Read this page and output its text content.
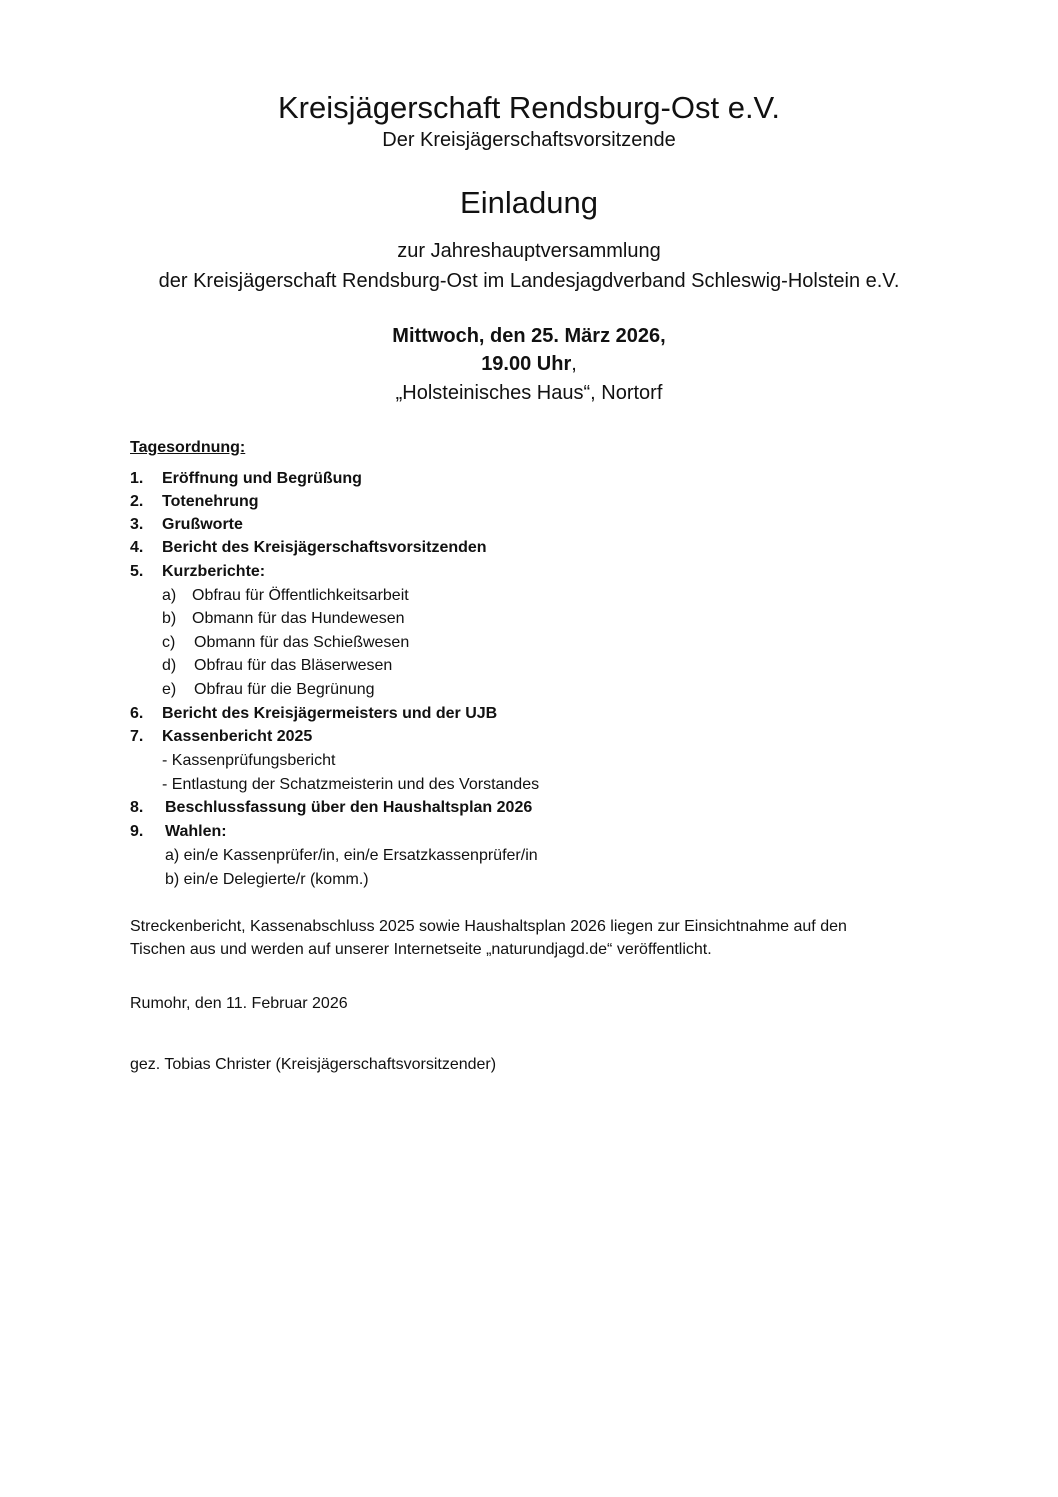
Kreisjägerschaft Rendsburg-Ost e.V.
Der Kreisjägerschaftsvorsitzende
Einladung
zur Jahreshauptversammlung
der Kreisjägerschaft Rendsburg-Ost im Landesjagdverband Schleswig-Holstein e.V.
Mittwoch, den 25. März 2026,
19.00 Uhr,
„Holsteinisches Haus“, Nortorf
Tagesordnung:
1. Eröffnung und Begrüßung
2. Totenehrung
3. Grußworte
4. Bericht des Kreisjägerschaftsvorsitzenden
5. Kurzberichte:
a) Obfrau für Öffentlichkeitsarbeit
b) Obmann für das Hundewesen
c) Obmann für das Schießwesen
d) Obfrau für das Bläserwesen
e) Obfrau für die Begrünung
6. Bericht des Kreisjägermeisters und der UJB
7. Kassenbericht 2025
- Kassenprüfungsbericht
- Entlastung der Schatzmeisterin und des Vorstandes
8. Beschlussfassung über den Haushaltsplan 2026
9. Wahlen:
a) ein/e Kassenprüfer/in, ein/e Ersatzkassenprüfer/in
b) ein/e Delegierte/r (komm.)
Streckenbericht, Kassenabschluss 2025 sowie Haushaltsplan 2026 liegen zur Einsichtnahme auf den
Tischen aus und werden auf unserer Internetseite „naturundjagd.de“ veröffentlicht.
Rumohr, den 11. Februar 2026
gez. Tobias Christer (Kreisjägerschaftsvorsitzender)
